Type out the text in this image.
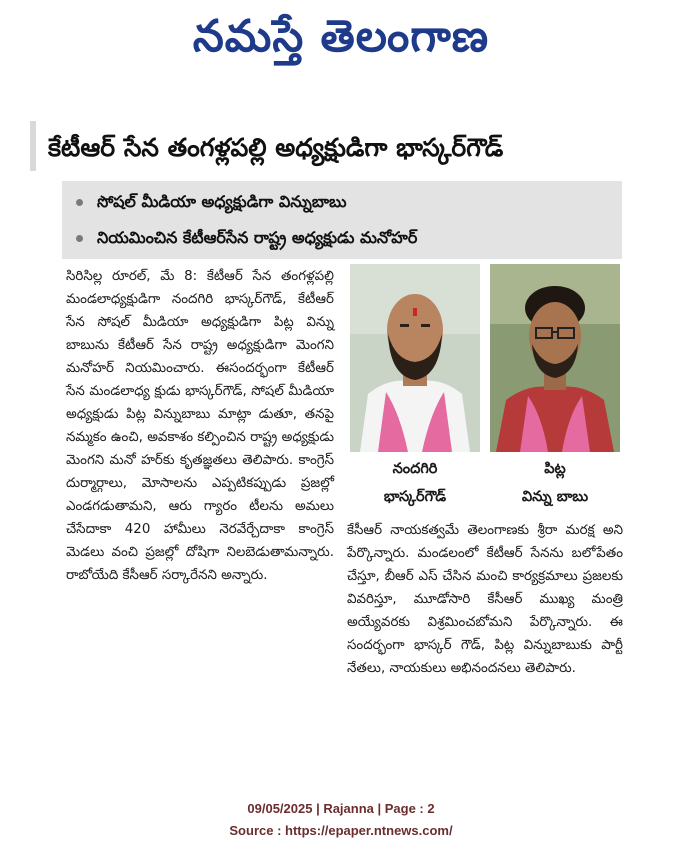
నమస్తే తెలంగాణ
కేటీఆర్ సేన తంగళ్లపల్లి అధ్యక్షుడిగా భాస్కర్‌గౌడ్
సోషల్ మీడియా అధ్యక్షుడిగా విన్నుబాబు
నియమించిన కేటీఆర్‌సేన రాష్ట్ర అధ్యక్షుడు మనోహర్
సిరిసిల్ల రూరల్, మే 8: కేటీఆర్ సేన తంగళ్లపల్లి మండలాధ్యక్షుడిగా నందగిరి భాస్కర్‌గౌడ్, కేటీఆర్ సేన సోషల్ మీడియా అధ్యక్షుడిగా పిట్ల విన్ను బాబును కేటీఆర్ సేన రాష్ట్ర అధ్యక్షుడిగా మెంగని మనోహర్ నియమించారు. ఈసందర్భంగా కేటీఆర్ సేన మండలాధ్య క్షుడు భాస్కర్‌గౌడ్, సోషల్ మీడియా అధ్యక్షుడు పిట్ల విన్నుబాబు మాట్లా డుతూ, తనపై నమ్మకం ఉంచి, అవకాశం కల్పించిన రాష్ట్ర అధ్యక్షుడు మెంగని మనో హర్‌కు కృతజ్ఞతలు తెలిపారు. కాంగ్రెస్ దుర్మార్గాలు, మోసాలను ఎప్పటికప్పుడు ప్రజల్లో ఎండగడుతామని, ఆరు గ్యారం టీలను అమలు చేసేదాకా 420 హామీలు నెరవేర్చేదాకా కాంగ్రెస్ మెడలు వంచి ప్రజల్లో దోషిగా నిలబెడుతామన్నారు. రాబోయేది కేసీఆర్ సర్కారేనని అన్నారు.
నందగిరి
భాస్కర్‌గౌడ్
పిట్ల
విన్ను బాబు
కేసీఆర్ నాయకత్వమే తెలంగాణకు శ్రీరా మరక్ష అని పేర్కొన్నారు. మండలంలో కేటీఆర్ సేనను బలోపేతం చేస్తూ, బీఆర్ ఎస్ చేసిన మంచి కార్యక్రమాలు ప్రజలకు వివరిస్తూ, మూడోసారి కేసీఆర్ ముఖ్య మంత్రి అయ్యేవరకు విశ్రమించబోమని పేర్కొన్నారు. ఈ సందర్భంగా భాస్కర్ గౌడ్, పిట్ల విన్నుబాబుకు పార్టీ నేతలు, నాయకులు అభినందనలు తెలిపారు.
09/05/2025 | Rajanna | Page : 2
Source : https://epaper.ntnews.com/
